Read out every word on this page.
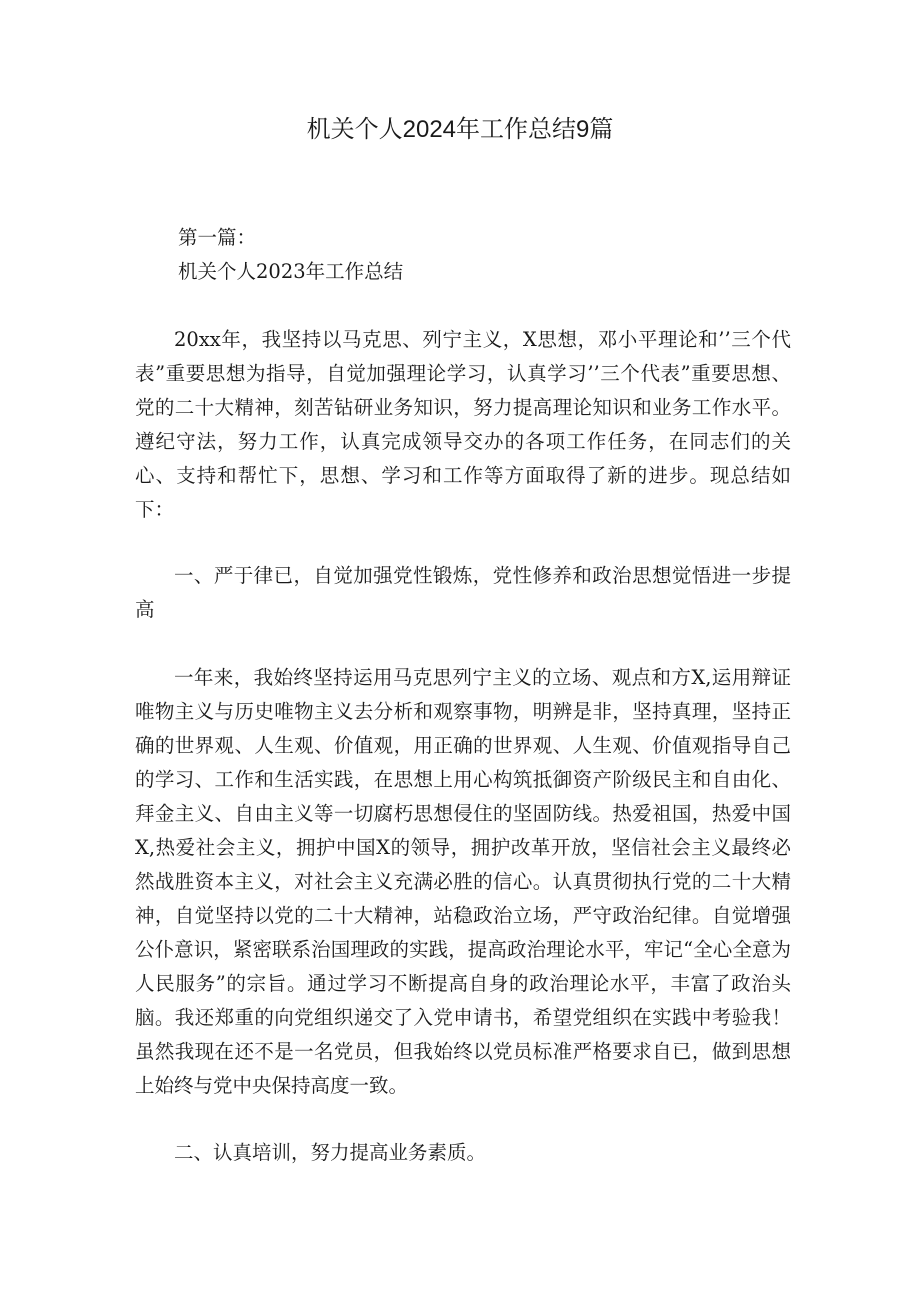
机关个人2024年工作总结9篇

第一篇：

机关个人2023年工作总结

20xx年，我坚持以马克思、列宁主义，X思想，邓小平理论和’’三个代表”重要思想为指导，自觉加强理论学习，认真学习’’三个代表”重要思想、党的二十大精神，刻苦钻研业务知识，努力提高理论知识和业务工作水平。遵纪守法，努力工作，认真完成领导交办的各项工作任务，在同志们的关心、支持和帮忙下，思想、学习和工作等方面取得了新的进步。现总结如下：

一、严于律已，自觉加强党性锻炼，党性修养和政治思想觉悟进一步提高

一年来，我始终坚持运用马克思列宁主义的立场、观点和方X,运用辩证唯物主义与历史唯物主义去分析和观察事物，明辨是非，坚持真理，坚持正确的世界观、人生观、价值观，用正确的世界观、人生观、价值观指导自己的学习、工作和生活实践，在思想上用心构筑抵御资产阶级民主和自由化、拜金主义、自由主义等一切腐朽思想侵住的坚固防线。热爱祖国，热爱中国X,热爱社会主义，拥护中国X的领导，拥护改革开放，坚信社会主义最终必然战胜资本主义，对社会主义充满必胜的信心。认真贯彻执行党的二十大精神，自觉坚持以党的二十大精神，站稳政治立场，严守政治纪律。自觉增强公仆意识，紧密联系治国理政的实践，提高政治理论水平，牢记“全心全意为人民服务”的宗旨。通过学习不断提高自身的政治理论水平，丰富了政治头脑。我还郑重的向党组织递交了入党申请书，希望党组织在实践中考验我！虽然我现在还不是一名党员，但我始终以党员标准严格要求自已，做到思想上始终与党中央保持高度一致。

二、认真培训，努力提高业务素质。
